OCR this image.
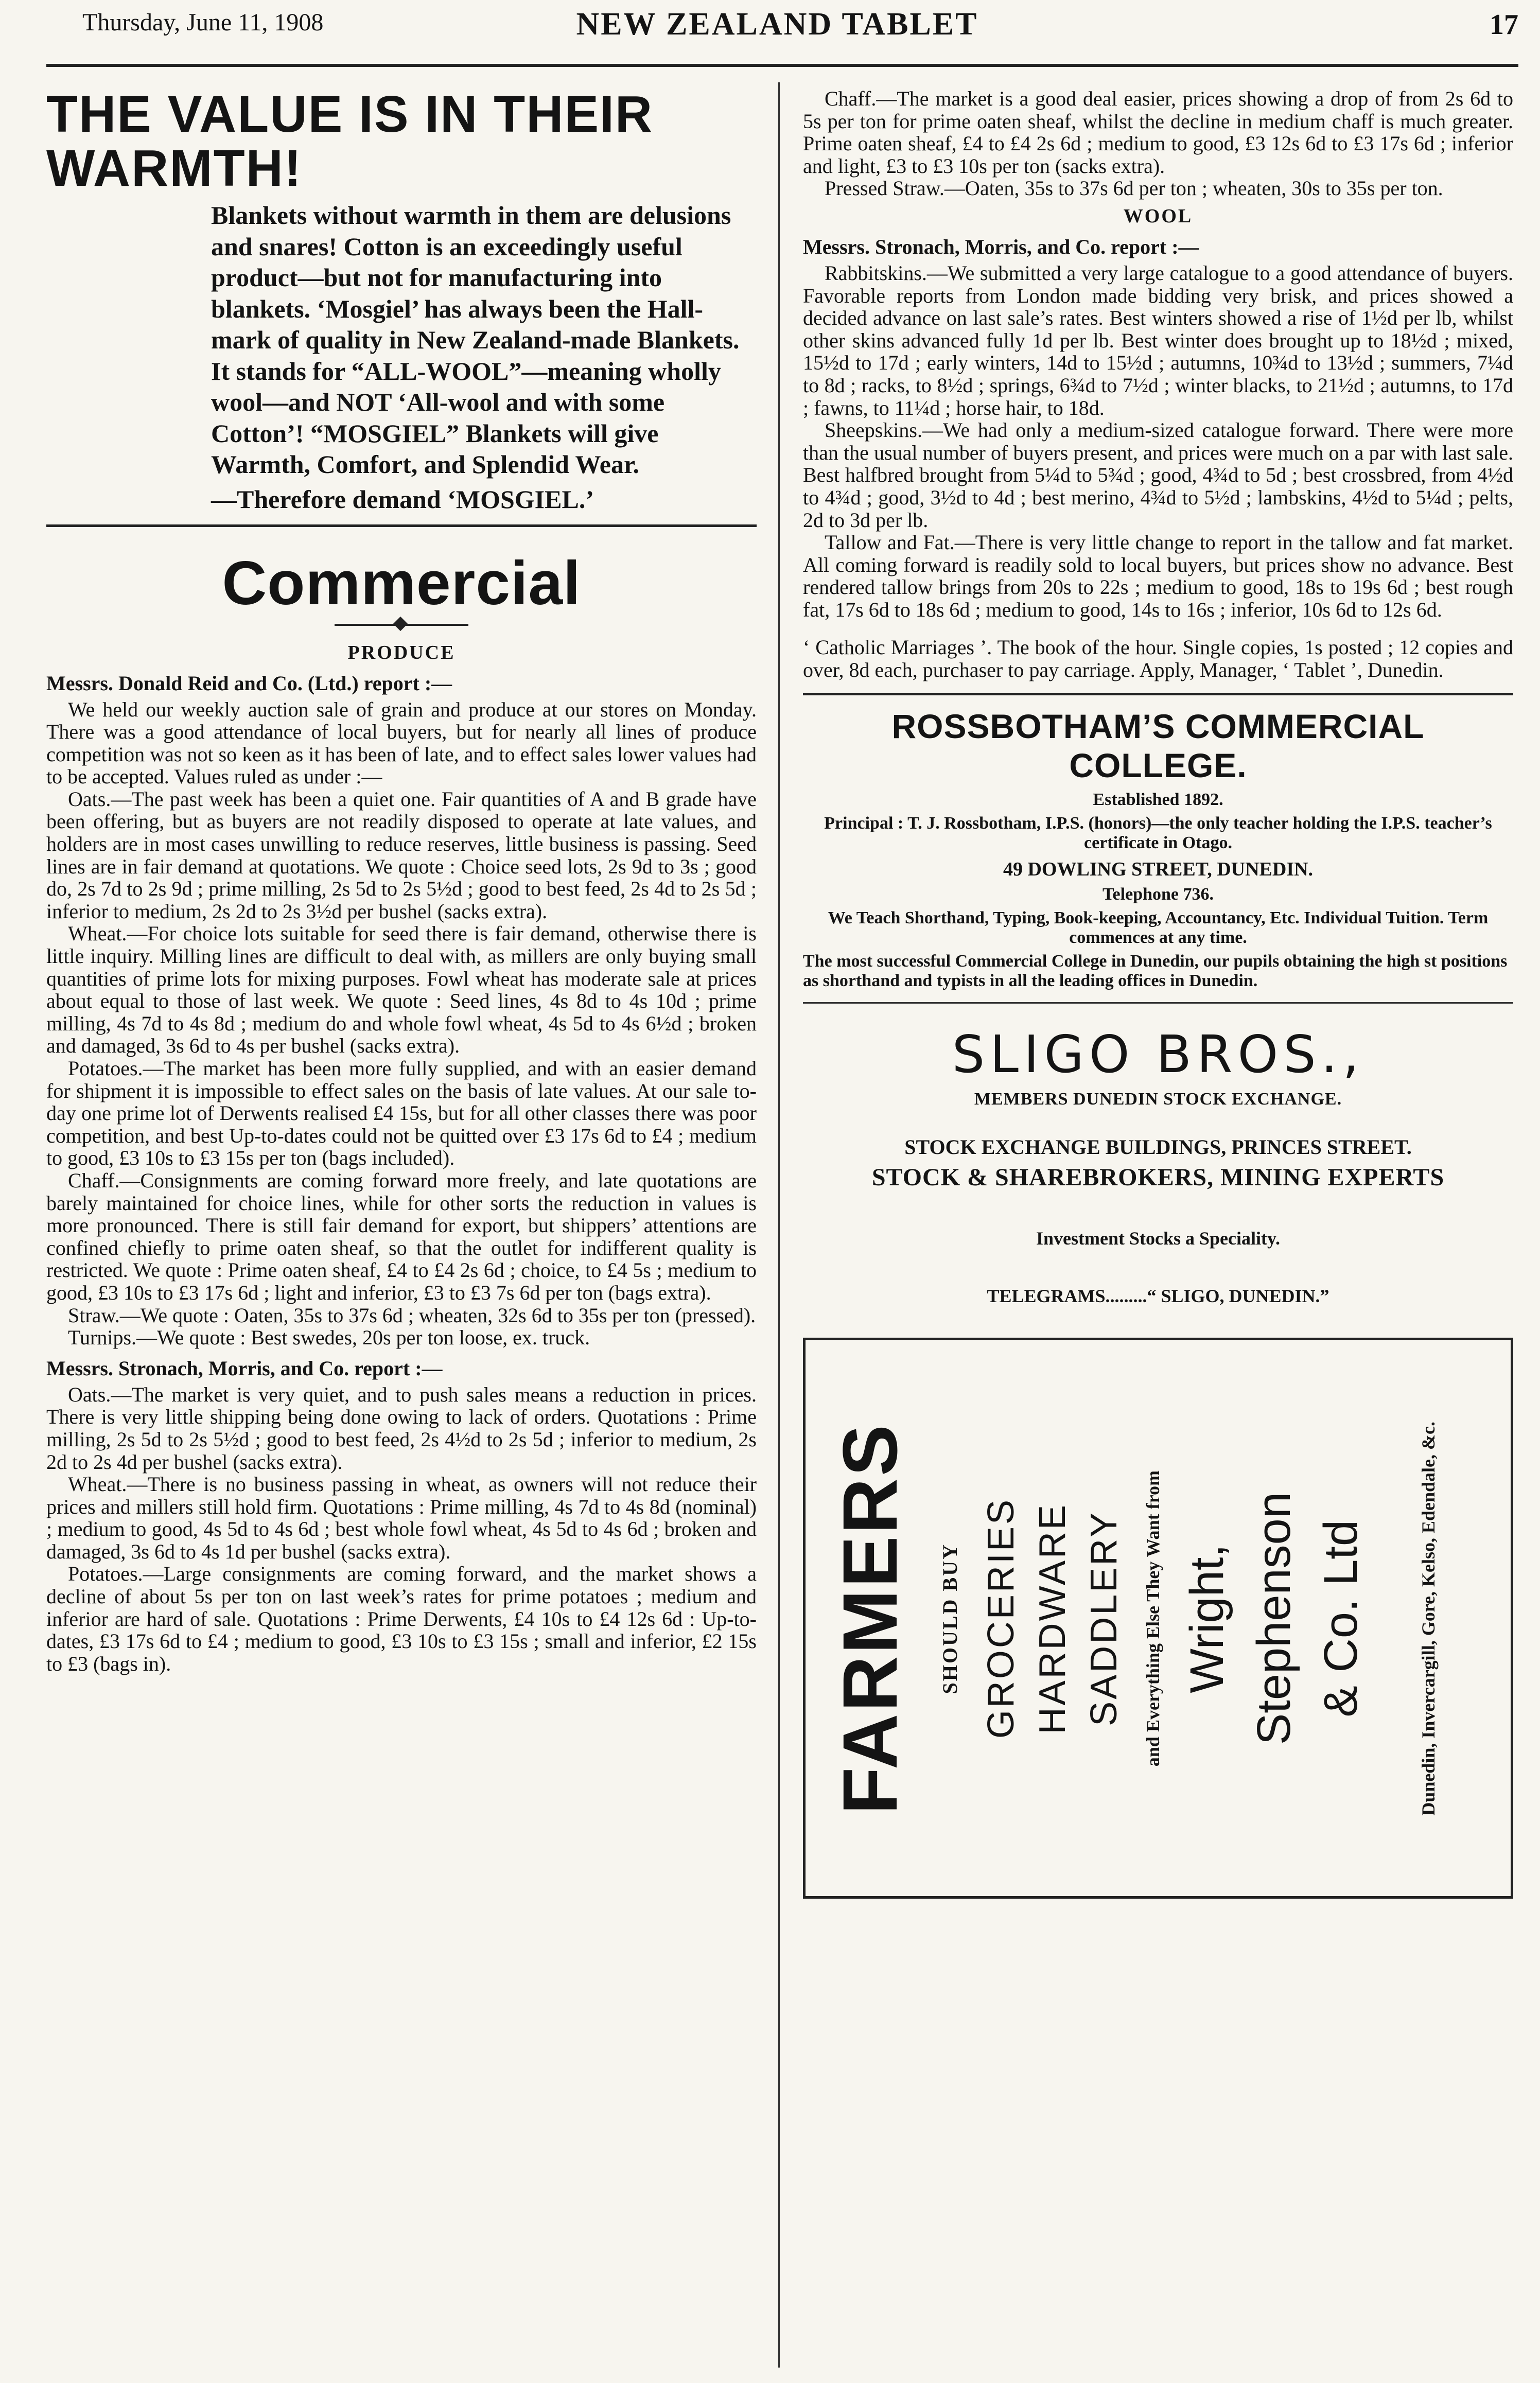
Thursday, June 11, 1908	NEW ZEALAND TABLET	17
THE VALUE IS IN THEIR WARMTH!
Blankets without warmth in them are delusions and snares! Cotton is an exceedingly useful product—but not for manufacturing into blankets. ‘Mosgiel’ has always been the Hall-mark of quality in New Zealand-made Blankets. It stands for “ALL-WOOL”—meaning wholly wool—and NOT ‘All-wool and with some Cotton’! “MOSGIEL” Blankets will give Warmth, Comfort, and Splendid Wear.
—Therefore demand ‘MOSGIEL.’
Commercial
PRODUCE
Messrs. Donald Reid and Co. (Ltd.) report :—

We held our weekly auction sale of grain and produce at our stores on Monday. There was a good attendance of local buyers, but for nearly all lines of produce competition was not so keen as it has been of late, and to effect sales lower values had to be accepted. Values ruled as under :—

Oats.—The past week has been a quiet one. Fair quantities of A and B grade have been offering, but as buyers are not readily disposed to operate at late values, and holders are in most cases unwilling to reduce reserves, little business is passing. Seed lines are in fair demand at quotations. We quote : Choice seed lots, 2s 9d to 3s ; good do, 2s 7d to 2s 9d ; prime milling, 2s 5d to 2s 5½d ; good to best feed, 2s 4d to 2s 5d ; inferior to medium, 2s 2d to 2s 3½d per bushel (sacks extra).

Wheat.—For choice lots suitable for seed there is fair demand, otherwise there is little inquiry. Milling lines are difficult to deal with, as millers are only buying small quantities of prime lots for mixing purposes. Fowl wheat has moderate sale at prices about equal to those of last week. We quote : Seed lines, 4s 8d to 4s 10d ; prime milling, 4s 7d to 4s 8d ; medium do and whole fowl wheat, 4s 5d to 4s 6½d ; broken and damaged, 3s 6d to 4s per bushel (sacks extra).

Potatoes.—The market has been more fully supplied, and with an easier demand for shipment it is impossible to effect sales on the basis of late values. At our sale to-day one prime lot of Derwents realised £4 15s, but for all other classes there was poor competition, and best Up-to-dates could not be quitted over £3 17s 6d to £4 ; medium to good, £3 10s to £3 15s per ton (bags included).

Chaff.—Consignments are coming forward more freely, and late quotations are barely maintained for choice lines, while for other sorts the reduction in values is more pronounced. There is still fair demand for export, but shippers’ attentions are confined chiefly to prime oaten sheaf, so that the outlet for indifferent quality is restricted. We quote : Prime oaten sheaf, £4 to £4 2s 6d ; choice, to £4 5s ; medium to good, £3 10s to £3 17s 6d ; light and inferior, £3 to £3 7s 6d per ton (bags extra).

Straw.—We quote : Oaten, 35s to 37s 6d ; wheaten, 32s 6d to 35s per ton (pressed).

Turnips.—We quote : Best swedes, 20s per ton loose, ex. truck.

Messrs. Stronach, Morris, and Co. report :—

Oats.—The market is very quiet, and to push sales means a reduction in prices. There is very little shipping being done owing to lack of orders. Quotations : Prime milling, 2s 5d to 2s 5½d ; good to best feed, 2s 4½d to 2s 5d ; inferior to medium, 2s 2d to 2s 4d per bushel (sacks extra).

Wheat.—There is no business passing in wheat, as owners will not reduce their prices and millers still hold firm. Quotations : Prime milling, 4s 7d to 4s 8d (nominal) ; medium to good, 4s 5d to 4s 6d ; best whole fowl wheat, 4s 5d to 4s 6d ; broken and damaged, 3s 6d to 4s 1d per bushel (sacks extra).

Potatoes.—Large consignments are coming forward, and the market shows a decline of about 5s per ton on last week’s rates for prime potatoes ; medium and inferior are hard of sale. Quotations : Prime Derwents, £4 10s to £4 12s 6d : Up-to-dates, £3 17s 6d to £4 ; medium to good, £3 10s to £3 15s ; small and inferior, £2 15s to £3 (bags in).

Chaff.—The market is a good deal easier, prices showing a drop of from 2s 6d to 5s per ton for prime oaten sheaf, whilst the decline in medium chaff is much greater. Prime oaten sheaf, £4 to £4 2s 6d ; medium to good, £3 12s 6d to £3 17s 6d ; inferior and light, £3 to £3 10s per ton (sacks extra).

Pressed Straw.—Oaten, 35s to 37s 6d per ton ; wheaten, 30s to 35s per ton.

WOOL
Messrs. Stronach, Morris, and Co. report :—

Rabbitskins.—We submitted a very large catalogue to a good attendance of buyers. Favorable reports from London made bidding very brisk, and prices showed a decided advance on last sale’s rates. Best winters showed a rise of 1½d per lb, whilst other skins advanced fully 1d per lb. Best winter does brought up to 18½d ; mixed, 15½d to 17d ; early winters, 14d to 15½d ; autumns, 10¾d to 13½d ; summers, 7¼d to 8d ; racks, to 8½d ; springs, 6¾d to 7½d ; winter blacks, to 21½d ; autumns, to 17d ; fawns, to 11¼d ; horse hair, to 18d.

Sheepskins.—We had only a medium-sized catalogue forward. There were more than the usual number of buyers present, and prices were much on a par with last sale. Best halfbred brought from 5¼d to 5¾d ; good, 4¾d to 5d ; best crossbred, from 4½d to 4¾d ; good, 3½d to 4d ; best merino, 4¾d to 5½d ; lambskins, 4½d to 5¼d ; pelts, 2d to 3d per lb.

Tallow and Fat.—There is very little change to report in the tallow and fat market. All coming forward is readily sold to local buyers, but prices show no advance. Best rendered tallow brings from 20s to 22s ; medium to good, 18s to 19s 6d ; best rough fat, 17s 6d to 18s 6d ; medium to good, 14s to 16s ; inferior, 10s 6d to 12s 6d.

‘ Catholic Marriages ’. The book of the hour. Single copies, 1s posted ; 12 copies and over, 8d each, purchaser to pay carriage. Apply, Manager, ‘ Tablet ’, Dunedin.
ROSSBOTHAM’S COMMERCIAL COLLEGE.
Established 1892.
Principal : T. J. Rossbotham, I.P.S. (honors)—the only teacher holding the I.P.S. teacher’s certificate in Otago.
49 DOWLING STREET, DUNEDIN.
Telephone 736.
We Teach Shorthand, Typing, Book-keeping, Accountancy, Etc. Individual Tuition. Term commences at any time.
The most successful Commercial College in Dunedin, our pupils obtaining the high st positions as shorthand and typists in all the leading offices in Dunedin.
SLIGO BROS.,
MEMBERS DUNEDIN STOCK EXCHANGE.
STOCK EXCHANGE BUILDINGS, PRINCES STREET.
STOCK & SHAREBROKERS, MINING EXPERTS
Investment Stocks a Speciality.
TELEGRAMS.........“ SLIGO, DUNEDIN.”
FARMERS SHOULD BUY GROCERIES HARDWARE SADDLERY and Everything Else They Want from Wright, Stephenson & Co. Ltd	Dunedin, Invercargill, Gore, Kelso, Edendale, &c.
